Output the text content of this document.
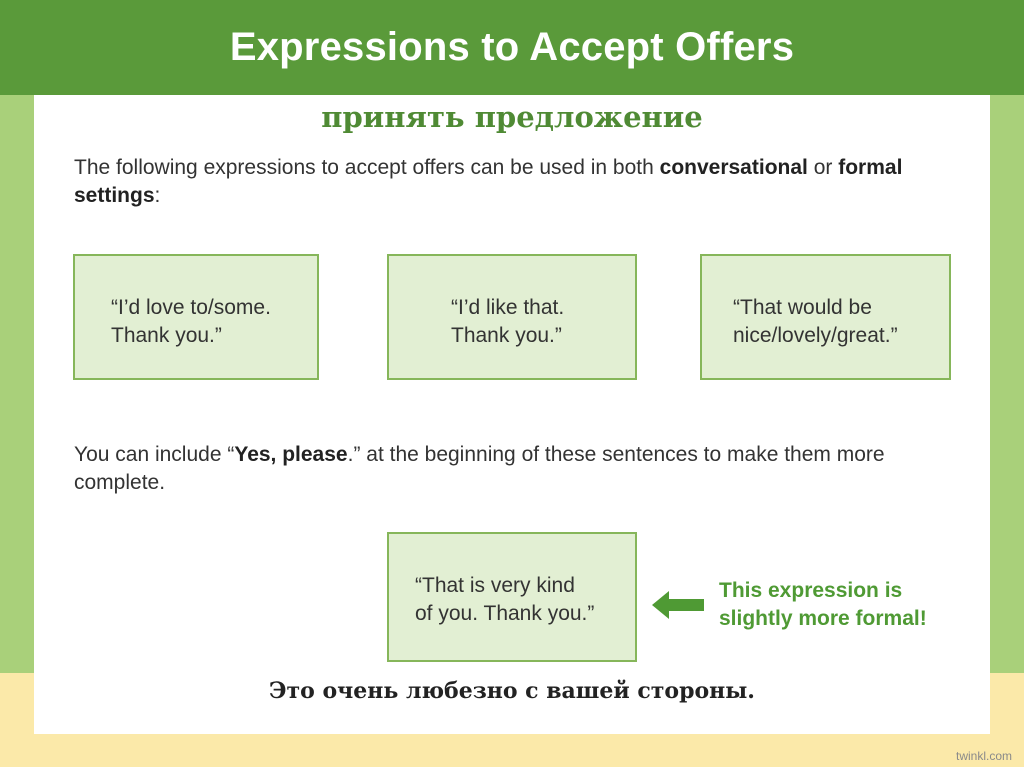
Expressions to Accept Offers
принять предложение
The following expressions to accept offers can be used in both conversational or formal settings:
“I’d love to/some.
Thank you.”
“I’d like that.
Thank you.”
“That would be
nice/lovely/great.”
You can include “Yes, please.” at the beginning of these sentences to make them more complete.
“That is very kind
of you. Thank you.”
This expression is
slightly more formal!
Это очень любезно с вашей стороны.
twinkl.com
